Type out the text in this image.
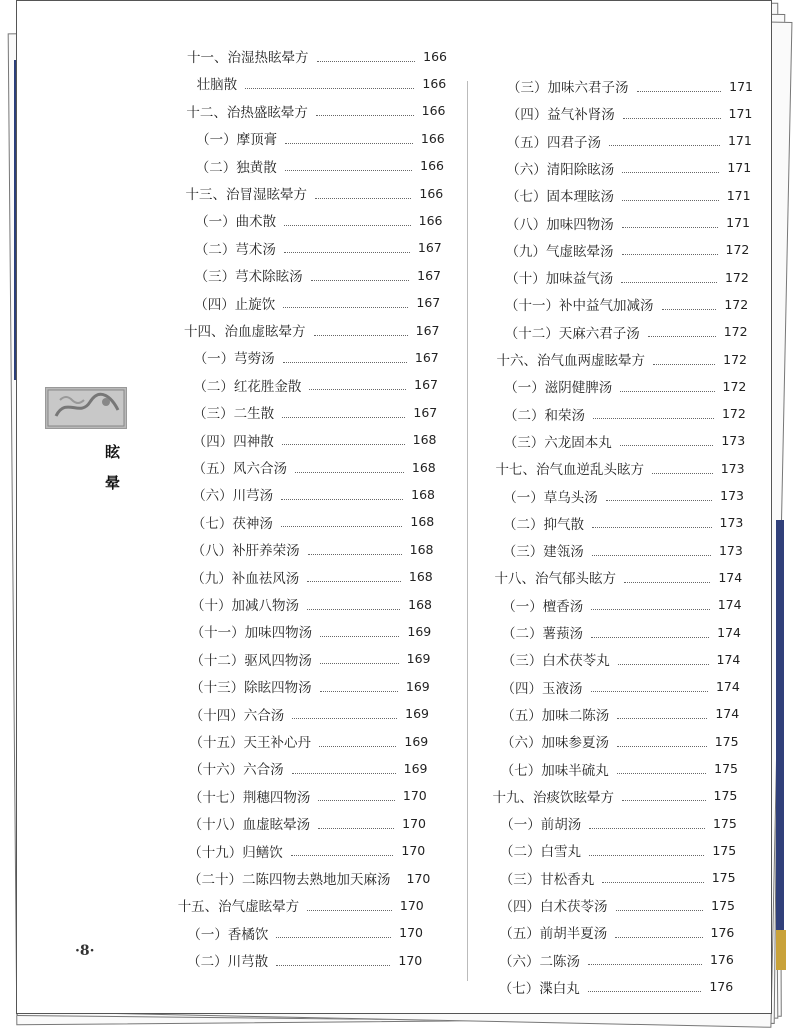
眩
晕
·8·
十一、治湿热眩晕方	166
壮脑散	166
十二、治热盛眩晕方	166
（一）摩顶膏	166
（二）独黄散	166
十三、治冒湿眩晕方	166
（一）曲术散	166
（二）芎术汤	167
（三）芎术除眩汤	167
（四）止旋饮	167
十四、治血虚眩晕方	167
（一）芎䓖汤	167
（二）红花胜金散	167
（三）二生散	167
（四）四神散	168
（五）风六合汤	168
（六）川芎汤	168
（七）茯神汤	168
（八）补肝养荣汤	168
（九）补血祛风汤	168
（十）加减八物汤	168
（十一）加味四物汤	169
（十二）驱风四物汤	169
（十三）除眩四物汤	169
（十四）六合汤	169
（十五）天王补心丹	169
（十六）六合汤	169
（十七）荆穗四物汤	170
（十八）血虚眩晕汤	170
（十九）归鳝饮	170
（二十）二陈四物去熟地加天麻汤 170
十五、治气虚眩晕方	170
（一）香橘饮	170
（二）川芎散	170
（三）加味六君子汤	171
（四）益气补肾汤	171
（五）四君子汤	171
（六）清阳除眩汤	171
（七）固本理眩汤	171
（八）加味四物汤	171
（九）气虚眩晕汤	172
（十）加味益气汤	172
（十一）补中益气加减汤	172
（十二）天麻六君子汤	172
十六、治气血两虚眩晕方	172
（一）滋阴健脾汤	172
（二）和荣汤	172
（三）六龙固本丸	173
十七、治气血逆乱头眩方	173
（一）草乌头汤	173
（二）抑气散	173
（三）建瓴汤	173
十八、治气郁头眩方	174
（一）檀香汤	174
（二）薯蓣汤	174
（三）白术茯苓丸	174
（四）玉液汤	174
（五）加味二陈汤	174
（六）加味参夏汤	175
（七）加味半硫丸	175
十九、治痰饮眩晕方	175
（一）前胡汤	175
（二）白雪丸	175
（三）甘松香丸	175
（四）白术茯苓汤	175
（五）前胡半夏汤	176
（六）二陈汤	176
（七）渫白丸	176
